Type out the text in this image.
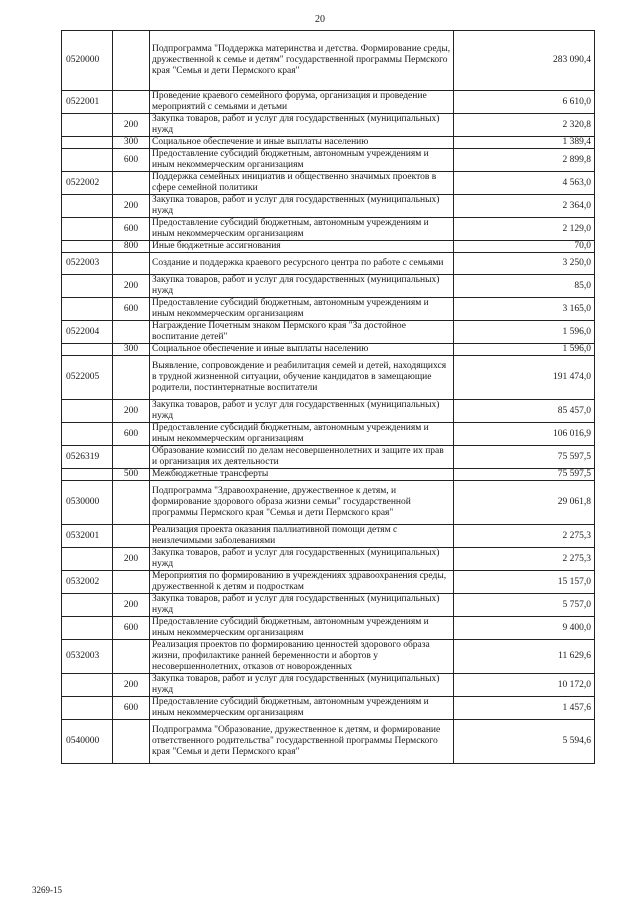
20
0520000		Подпрограмма "Поддержка материнства и детства. Формирование среды, дружественной к семье и детям" государственной программы Пермского края "Семья и дети Пермского края"	283 090,4
0522001		Проведение краевого семейного форума, организация и проведение мероприятий с семьями и детьми	6 610,0
	200	Закупка товаров, работ и услуг для государственных (муниципальных) нужд	2 320,8
	300	Социальное обеспечение и иные выплаты населению	1 389,4
	600	Предоставление субсидий бюджетным, автономным учреждениям и иным некоммерческим организациям	2 899,8
0522002		Поддержка семейных инициатив и общественно значимых проектов в сфере семейной политики	4 563,0
	200	Закупка товаров, работ и услуг для государственных (муниципальных) нужд	2 364,0
	600	Предоставление субсидий бюджетным, автономным учреждениям и иным некоммерческим организациям	2 129,0
	800	Иные бюджетные ассигнования	70,0
0522003		Создание и поддержка краевого ресурсного центра по работе с семьями	3 250,0
	200	Закупка товаров, работ и услуг для государственных (муниципальных) нужд	85,0
	600	Предоставление субсидий бюджетным, автономным учреждениям и иным некоммерческим организациям	3 165,0
0522004		Награждение Почетным знаком Пермского края "За достойное воспитание детей"	1 596,0
	300	Социальное обеспечение и иные выплаты населению	1 596,0
0522005		Выявление, сопровождение и реабилитация семей и детей, находящихся в трудной жизненной ситуации, обучение кандидатов в замещающие родители, постинтернатные воспитатели	191 474,0
	200	Закупка товаров, работ и услуг для государственных (муниципальных) нужд	85 457,0
	600	Предоставление субсидий бюджетным, автономным учреждениям и иным некоммерческим организациям	106 016,9
0526319		Образование комиссий по делам несовершеннолетних и защите их прав и организация их деятельности	75 597,5
	500	Межбюджетные трансферты	75 597,5
0530000		Подпрограмма "Здравоохранение, дружественное к детям, и формирование здорового образа жизни семьи" государственной программы Пермского края "Семья и дети Пермского края"	29 061,8
0532001		Реализация проекта оказания паллиативной помощи детям с неизлечимыми заболеваниями	2 275,3
	200	Закупка товаров, работ и услуг для государственных (муниципальных) нужд	2 275,3
0532002		Мероприятия по формированию в учреждениях здравоохранения среды, дружественной к детям и подросткам	15 157,0
	200	Закупка товаров, работ и услуг для государственных (муниципальных) нужд	5 757,0
	600	Предоставление субсидий бюджетным, автономным учреждениям и иным некоммерческим организациям	9 400,0
0532003		Реализация проектов по формированию ценностей здорового образа жизни, профилактике ранней беременности и абортов у несовершеннолетних, отказов от новорожденных	11 629,6
	200	Закупка товаров, работ и услуг для государственных (муниципальных) нужд	10 172,0
	600	Предоставление субсидий бюджетным, автономным учреждениям и иным некоммерческим организациям	1 457,6
0540000		Подпрограмма "Образование, дружественное к детям, и формирование ответственного родительства" государственной программы Пермского края "Семья и дети Пермского края"	5 594,6
3269-15
